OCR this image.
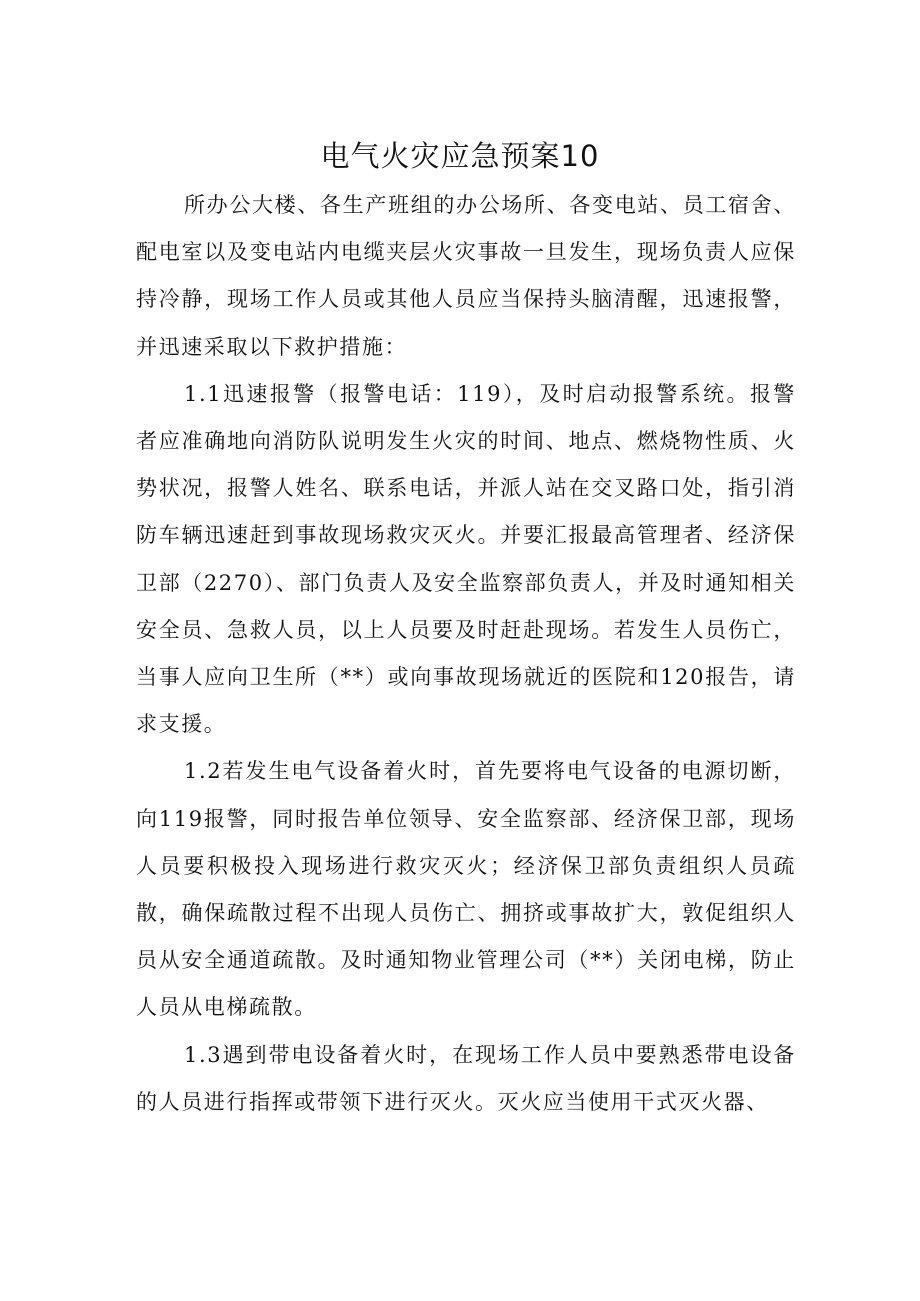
电气火灾应急预案10

所办公大楼、各生产班组的办公场所、各变电站、员工宿舍、配电室以及变电站内电缆夹层火灾事故一旦发生，现场负责人应保持冷静，现场工作人员或其他人员应当保持头脑清醒，迅速报警，并迅速采取以下救护措施：

1.1迅速报警（报警电话：119），及时启动报警系统。报警者应准确地向消防队说明发生火灾的时间、地点、燃烧物性质、火势状况，报警人姓名、联系电话，并派人站在交叉路口处，指引消防车辆迅速赶到事故现场救灾灭火。并要汇报最高管理者、经济保卫部（2270）、部门负责人及安全监察部负责人，并及时通知相关安全员、急救人员，以上人员要及时赶赴现场。若发生人员伤亡，当事人应向卫生所（**）或向事故现场就近的医院和120报告，请求支援。

1.2若发生电气设备着火时，首先要将电气设备的电源切断，向119报警，同时报告单位领导、安全监察部、经济保卫部，现场人员要积极投入现场进行救灾灭火；经济保卫部负责组织人员疏散，确保疏散过程不出现人员伤亡、拥挤或事故扩大，敦促组织人员从安全通道疏散。及时通知物业管理公司（**）关闭电梯，防止人员从电梯疏散。

1.3遇到带电设备着火时，在现场工作人员中要熟悉带电设备的人员进行指挥或带领下进行灭火。灭火应当使用干式灭火器、
